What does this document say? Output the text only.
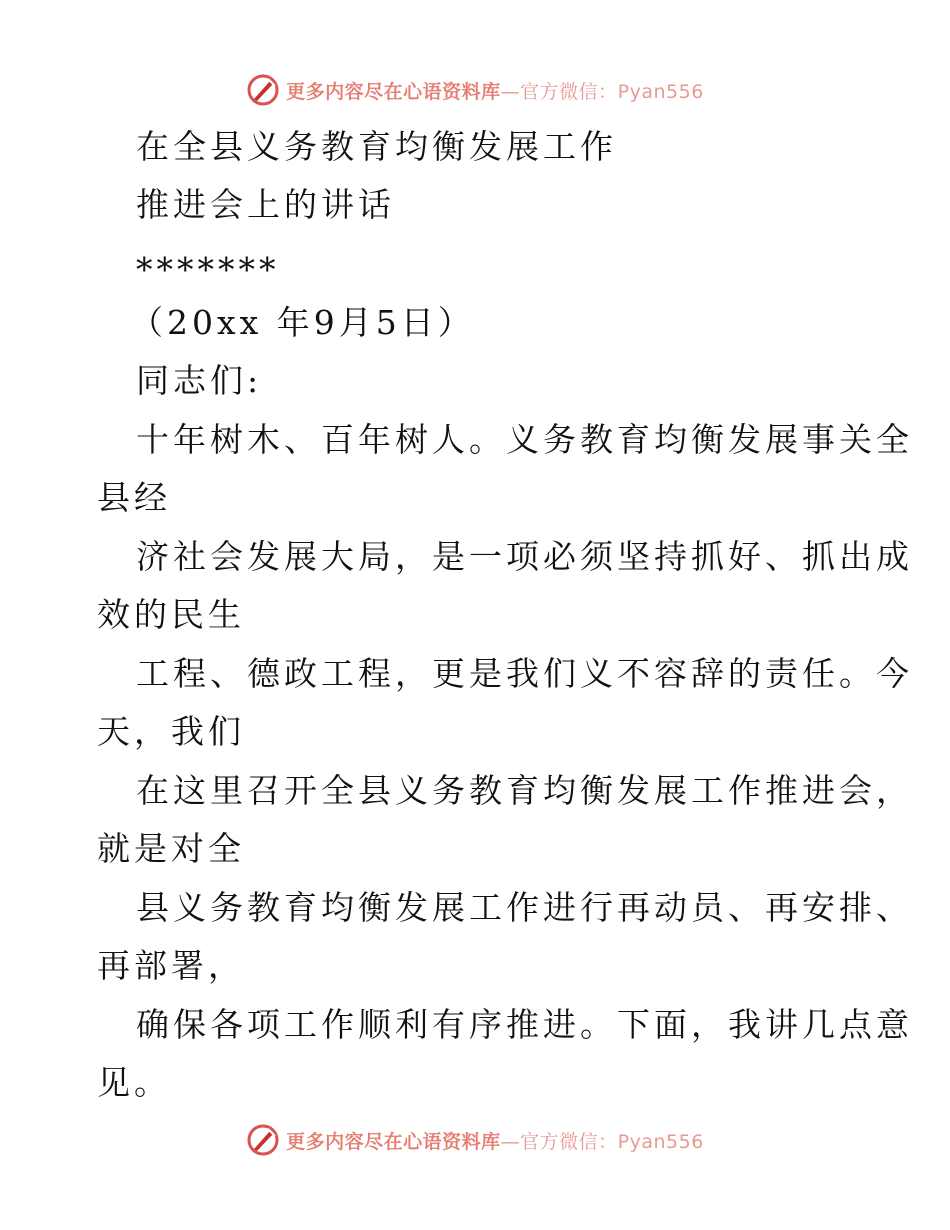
更多内容尽在心语资料库—官方微信：Pyan556
在全县义务教育均衡发展工作
推进会上的讲话
*******
（20xx 年9月5日）
同志们:
十年树木、百年树人。义务教育均衡发展事关全
县经
济社会发展大局，是一项必须坚持抓好、抓出成
效的民生
工程、德政工程，更是我们义不容辞的责任。今
天，我们
在这里召开全县义务教育均衡发展工作推进会，
就是对全
县义务教育均衡发展工作进行再动员、再安排、
再部署，
确保各项工作顺利有序推进。下面，我讲几点意
见。
更多内容尽在心语资料库—官方微信：Pyan556
